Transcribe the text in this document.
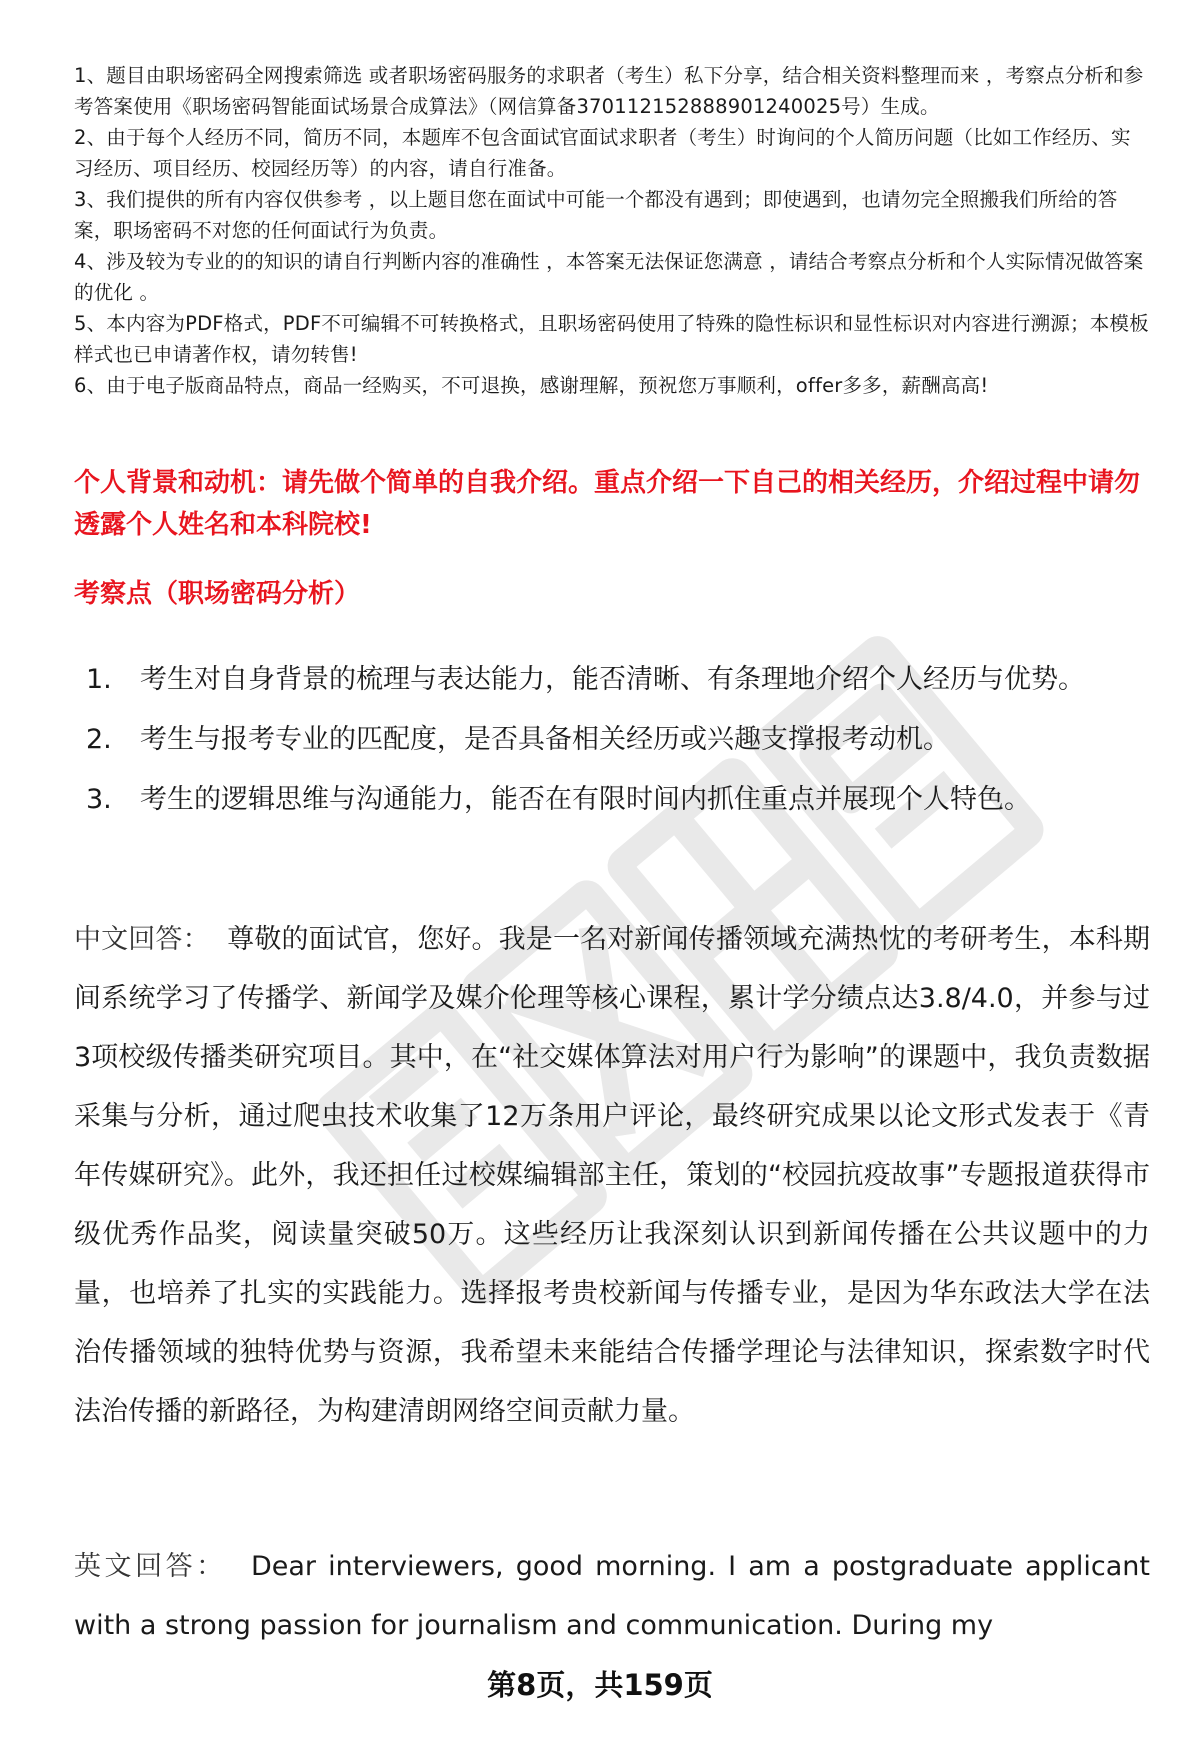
1、题目由职场密码全网搜索筛选 或者职场密码服务的求职者（考生）私下分享，结合相关资料整理而来 ，考察点分析和参考答案使用《职场密码智能面试场景合成算法》（网信算备370112152888901240025号）生成。
2、由于每个人经历不同，简历不同，本题库不包含面试官面试求职者（考生）时询问的个人简历问题（比如工作经历、实习经历、项目经历、校园经历等）的内容，请自行准备。
3、我们提供的所有内容仅供参考 ，以上题目您在面试中可能一个都没有遇到；即使遇到，也请勿完全照搬我们所给的答案，职场密码不对您的任何面试行为负责。
4、涉及较为专业的的知识的请自行判断内容的准确性 ，本答案无法保证您满意 ，请结合考察点分析和个人实际情况做答案的优化 。
5、本内容为PDF格式，PDF不可编辑不可转换格式，且职场密码使用了特殊的隐性标识和显性标识对内容进行溯源；本模板样式也已申请著作权，请勿转售!
6、由于电子版商品特点，商品一经购买，不可退换，感谢理解，预祝您万事顺利，offer多多，薪酬高高!

个人背景和动机：请先做个简单的自我介绍。重点介绍一下自己的相关经历，介绍过程中请勿透露个人姓名和本科院校!

考察点（职场密码分析）

1.	考生对自身背景的梳理与表达能力，能否清晰、有条理地介绍个人经历与优势。
2.	考生与报考专业的匹配度，是否具备相关经历或兴趣支撑报考动机。
3.	考生的逻辑思维与沟通能力，能否在有限时间内抓住重点并展现个人特色。

中文回答： 尊敬的面试官，您好。我是一名对新闻传播领域充满热忱的考研考生，本科期间系统学习了传播学、新闻学及媒介伦理等核心课程，累计学分绩点达3.8/4.0，并参与过3项校级传播类研究项目。其中，在“社交媒体算法对用户行为影响”的课题中，我负责数据采集与分析，通过爬虫技术收集了12万条用户评论，最终研究成果以论文形式发表于《青年传媒研究》。此外，我还担任过校媒编辑部主任，策划的“校园抗疫故事”专题报道获得市级优秀作品奖，阅读量突破50万。这些经历让我深刻认识到新闻传播在公共议题中的力量，也培养了扎实的实践能力。选择报考贵校新闻与传播专业，是因为华东政法大学在法治传播领域的独特优势与资源，我希望未来能结合传播学理论与法律知识，探索数字时代法治传播的新路径，为构建清朗网络空间贡献力量。

英文回答： Dear interviewers, good morning. I am a postgraduate applicant with a strong passion for journalism and communication. During my

第8页，共159页
